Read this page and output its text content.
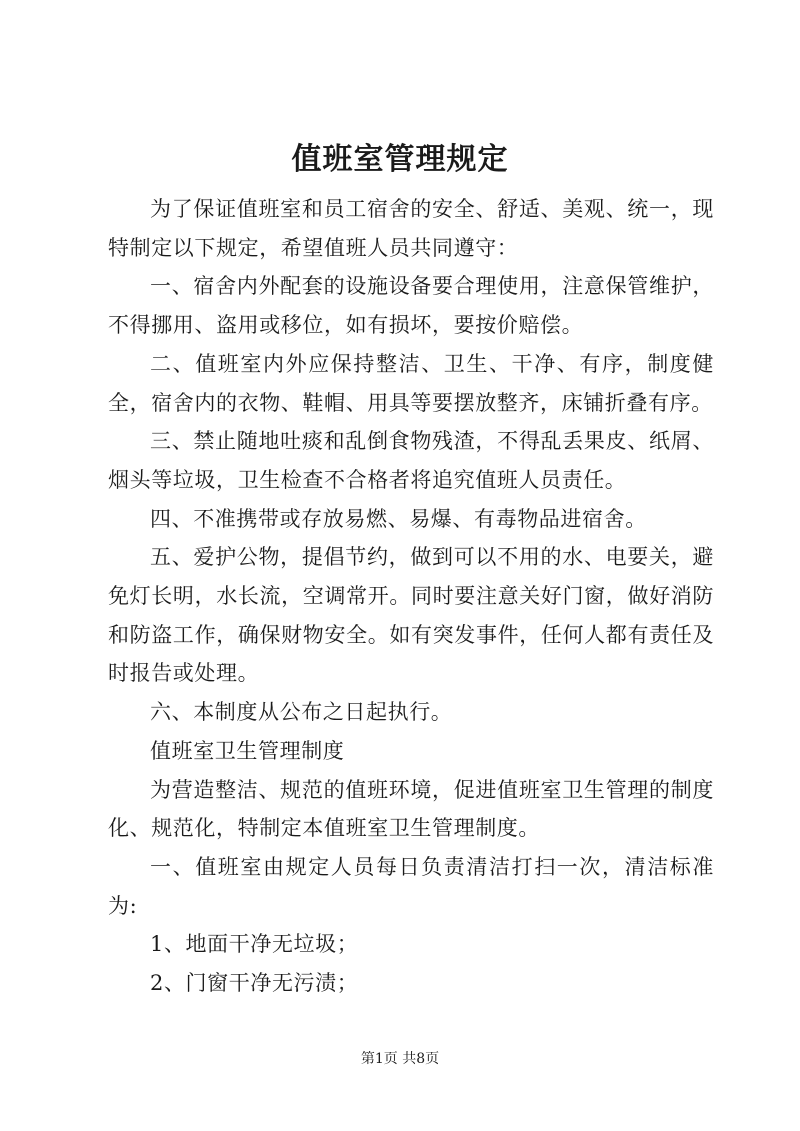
值班室管理规定

为了保证值班室和员工宿舍的安全、舒适、美观、统一，现特制定以下规定，希望值班人员共同遵守：

一、宿舍内外配套的设施设备要合理使用，注意保管维护，不得挪用、盗用或移位，如有损坏，要按价赔偿。

二、值班室内外应保持整洁、卫生、干净、有序，制度健全，宿舍内的衣物、鞋帽、用具等要摆放整齐，床铺折叠有序。

三、禁止随地吐痰和乱倒食物残渣，不得乱丢果皮、纸屑、烟头等垃圾，卫生检查不合格者将追究值班人员责任。

四、不准携带或存放易燃、易爆、有毒物品进宿舍。

五、爱护公物，提倡节约，做到可以不用的水、电要关，避免灯长明，水长流，空调常开。同时要注意关好门窗，做好消防和防盗工作，确保财物安全。如有突发事件，任何人都有责任及时报告或处理。

六、本制度从公布之日起执行。

值班室卫生管理制度

为营造整洁、规范的值班环境，促进值班室卫生管理的制度化、规范化，特制定本值班室卫生管理制度。

一、值班室由规定人员每日负责清洁打扫一次，清洁标准为:

1、地面干净无垃圾；

2、门窗干净无污渍；

第1页 共8页
